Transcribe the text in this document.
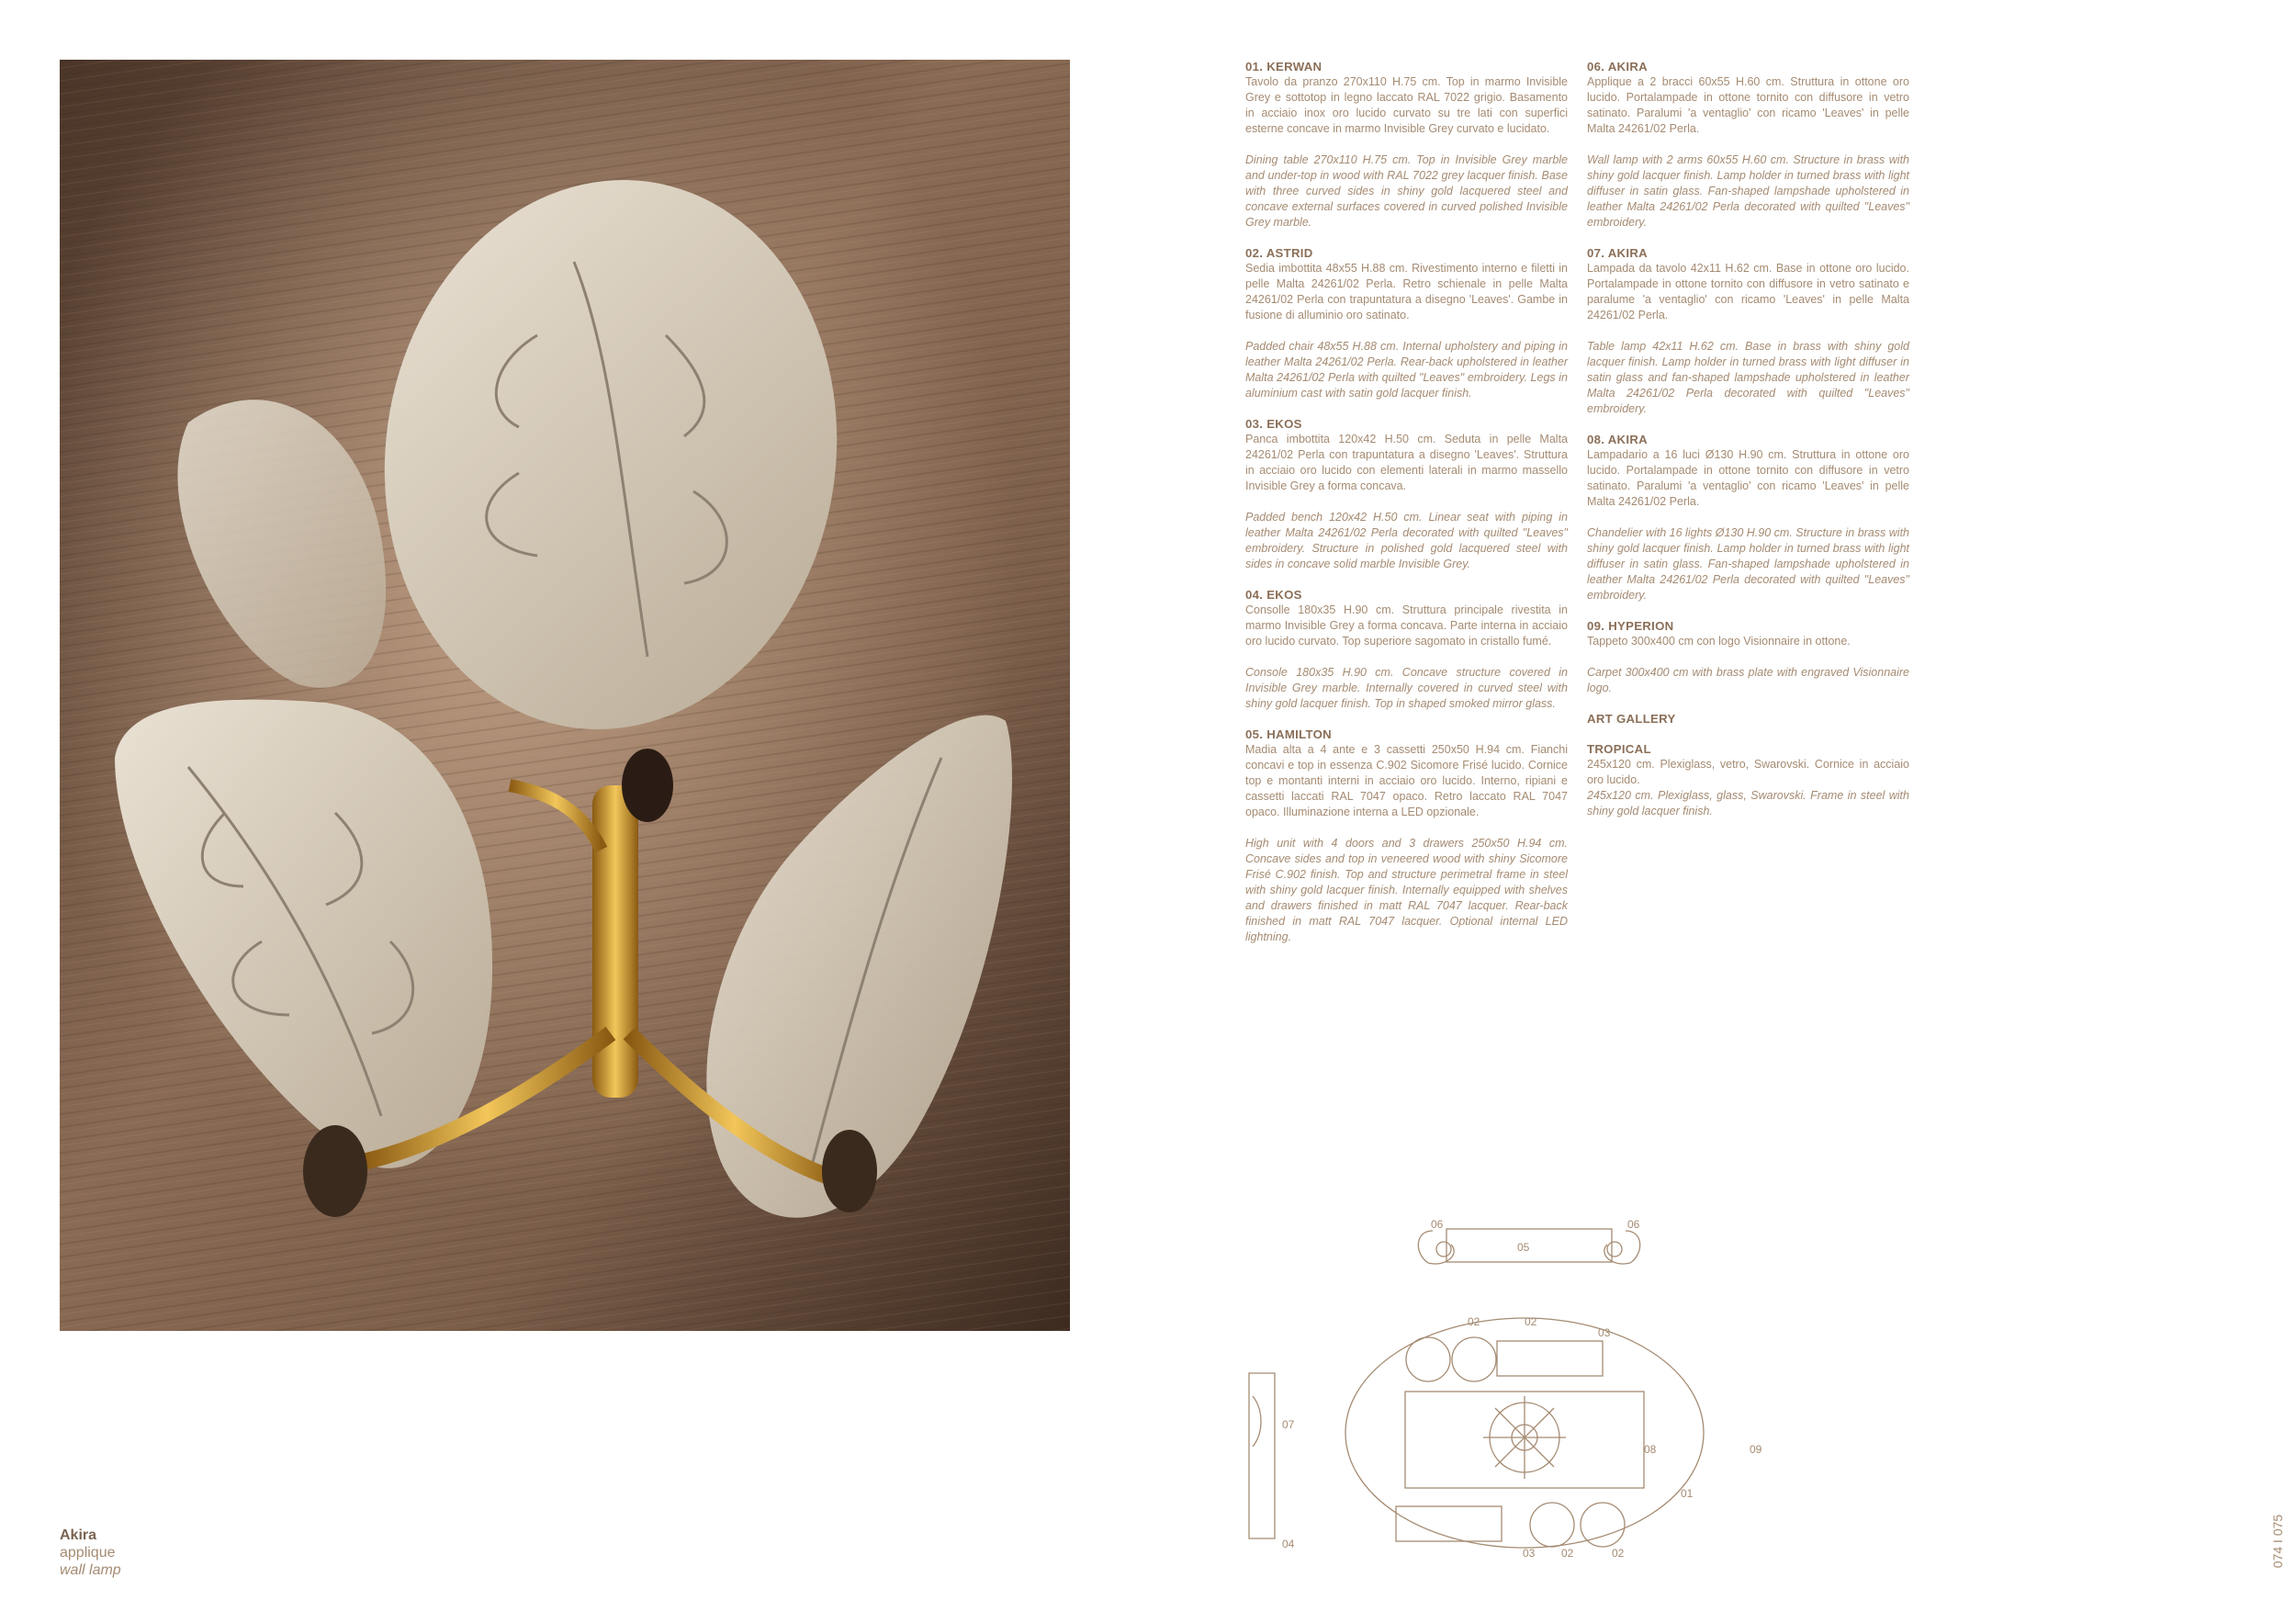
Akira
applique
wall lamp
01. KERWAN

Tavolo da pranzo 270x110 H.75 cm. Top in marmo Invisible Grey e sottotop in legno laccato RAL 7022 grigio. Basamento in acciaio inox oro lucido curvato su tre lati con superfici esterne concave in marmo Invisible Grey curvato e lucidato.

Dining table 270x110 H.75 cm. Top in Invisible Grey marble and under-top in wood with RAL 7022 grey lacquer finish. Base with three curved sides in shiny gold lacquered steel and concave external surfaces covered in curved polished Invisible Grey marble.

02. ASTRID

Sedia imbottita 48x55 H.88 cm. Rivestimento interno e filetti in pelle Malta 24261/02 Perla. Retro schienale in pelle Malta 24261/02 Perla con trapuntatura a disegno 'Leaves'. Gambe in fusione di alluminio oro satinato.

Padded chair 48x55 H.88 cm. Internal upholstery and piping in leather Malta 24261/02 Perla. Rear-back upholstered in leather Malta 24261/02 Perla with quilted "Leaves" embroidery. Legs in aluminium cast with satin gold lacquer finish.

03. EKOS

Panca imbottita 120x42 H.50 cm. Seduta in pelle Malta 24261/02 Perla con trapuntatura a disegno 'Leaves'. Struttura in acciaio oro lucido con elementi laterali in marmo massello Invisible Grey a forma concava.

Padded bench 120x42 H.50 cm. Linear seat with piping in leather Malta 24261/02 Perla decorated with quilted "Leaves" embroidery. Structure in polished gold lacquered steel with sides in concave solid marble Invisible Grey.

04. EKOS

Consolle 180x35 H.90 cm. Struttura principale rivestita in marmo Invisible Grey a forma concava. Parte interna in acciaio oro lucido curvato. Top superiore sagomato in cristallo fumé.

Console 180x35 H.90 cm. Concave structure covered in Invisible Grey marble. Internally covered in curved steel with shiny gold lacquer finish. Top in shaped smoked mirror glass.

05. HAMILTON

Madia alta a 4 ante e 3 cassetti 250x50 H.94 cm. Fianchi concavi e top in essenza C.902 Sicomore Frisé lucido. Cornice top e montanti interni in acciaio oro lucido. Interno, ripiani e cassetti laccati RAL 7047 opaco. Retro laccato RAL 7047 opaco. Illuminazione interna a LED opzionale.

High unit with 4 doors and 3 drawers 250x50 H.94 cm. Concave sides and top in veneered wood with shiny Sicomore Frisé C.902 finish. Top and structure perimetral frame in steel with shiny gold lacquer finish. Internally equipped with shelves and drawers finished in matt RAL 7047 lacquer. Rear-back finished in matt RAL 7047 lacquer. Optional internal LED lightning.

06. AKIRA

Applique a 2 bracci 60x55 H.60 cm. Struttura in ottone oro lucido. Portalampade in ottone tornito con diffusore in vetro satinato. Paralumi 'a ventaglio' con ricamo 'Leaves' in pelle Malta 24261/02 Perla.

Wall lamp with 2 arms 60x55 H.60 cm. Structure in brass with shiny gold lacquer finish. Lamp holder in turned brass with light diffuser in satin glass. Fan-shaped lampshade upholstered in leather Malta 24261/02 Perla decorated with quilted "Leaves" embroidery.

07. AKIRA

Lampada da tavolo 42x11 H.62 cm. Base in ottone oro lucido. Portalampade in ottone tornito con diffusore in vetro satinato e paralume 'a ventaglio' con ricamo 'Leaves' in pelle Malta 24261/02 Perla.

Table lamp 42x11 H.62 cm. Base in brass with shiny gold lacquer finish. Lamp holder in turned brass with light diffuser in satin glass and fan-shaped lampshade upholstered in leather Malta 24261/02 Perla decorated with quilted "Leaves" embroidery.

08. AKIRA

Lampadario a 16 luci Ø130 H.90 cm. Struttura in ottone oro lucido. Portalampade in ottone tornito con diffusore in vetro satinato. Paralumi 'a ventaglio' con ricamo 'Leaves' in pelle Malta 24261/02 Perla.

Chandelier with 16 lights Ø130 H.90 cm. Structure in brass with shiny gold lacquer finish. Lamp holder in turned brass with light diffuser in satin glass. Fan-shaped lampshade upholstered in leather Malta 24261/02 Perla decorated with quilted "Leaves" embroidery.

09. HYPERION

Tappeto 300x400 cm con logo Visionnaire in ottone.

Carpet 300x400 cm with brass plate with engraved Visionnaire logo.

ART GALLERY
TROPICAL

245x120 cm. Plexiglass, vetro, Swarovski. Cornice in acciaio oro lucido.

245x120 cm. Plexiglass, glass, Swarovski. Frame in steel with shiny gold lacquer finish.

06	06
05
02	02
03
08	09
01
03 02	02
07
04	074 I 075
